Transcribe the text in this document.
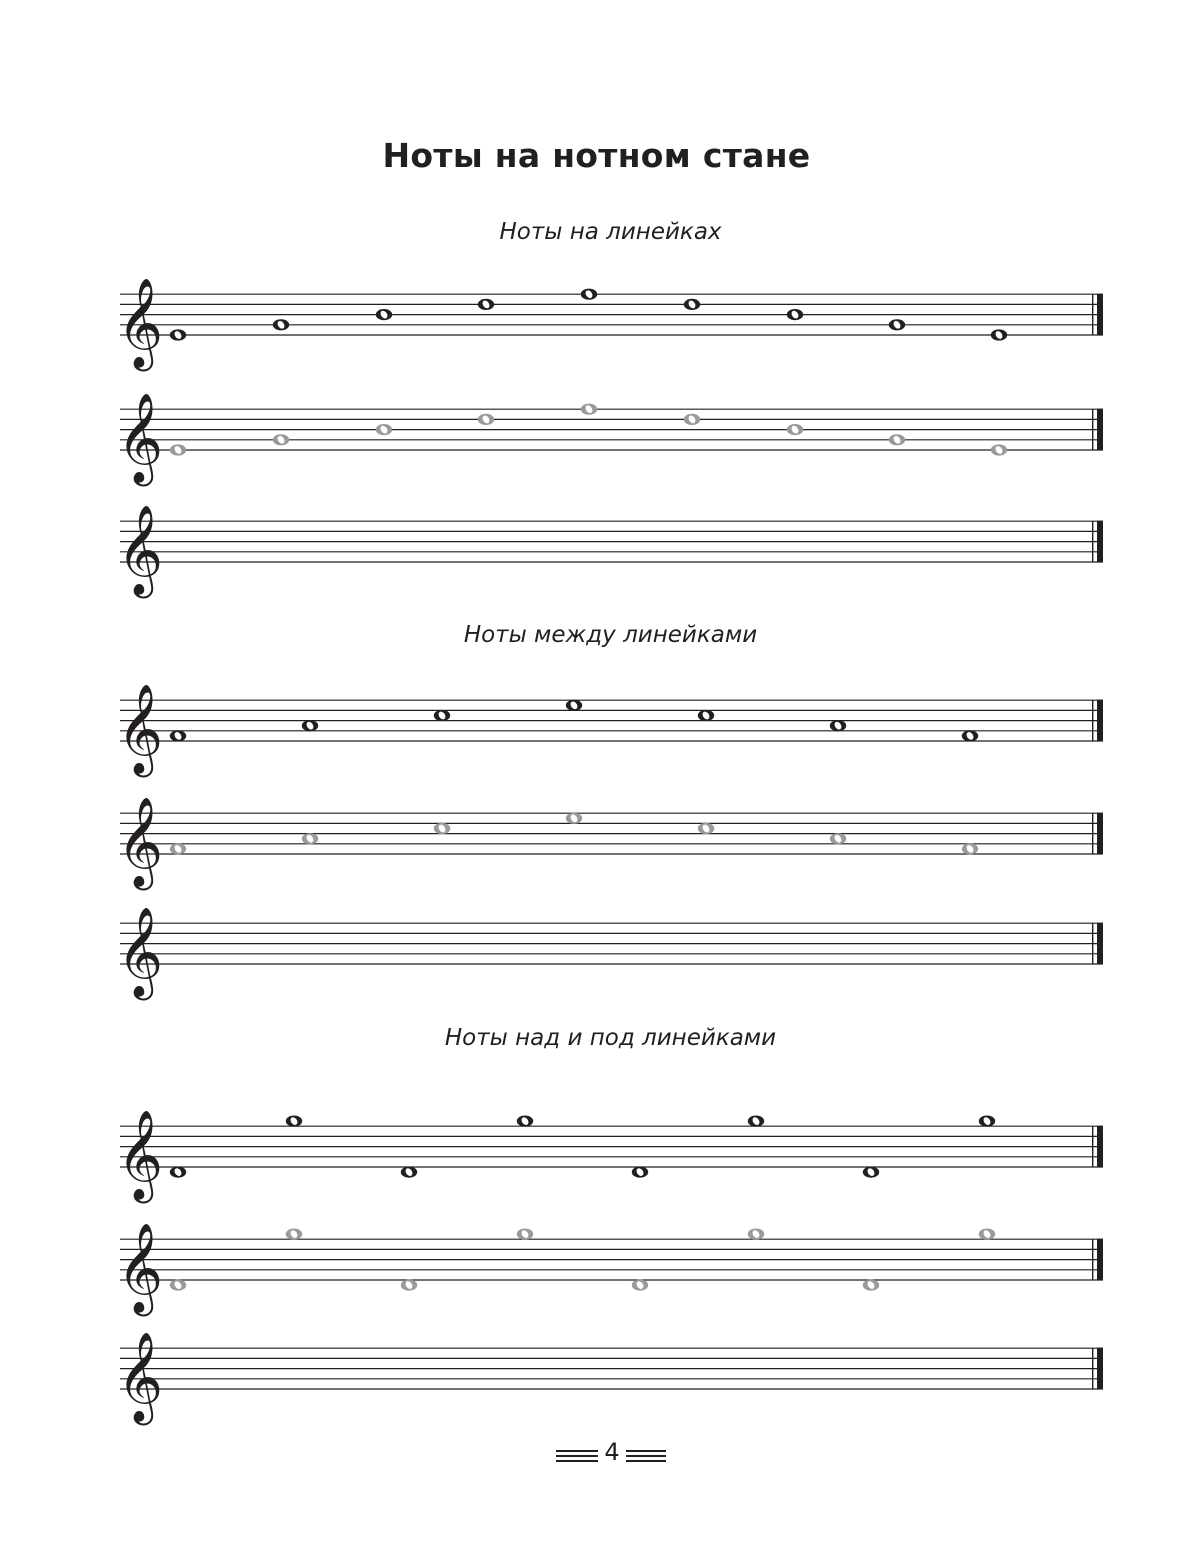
Ноты на нотном стане
Ноты на линейках
Ноты между линейками
Ноты над и под линейками
𝄞
𝄞
𝄞
𝄞
𝄞
𝄞
𝄞
𝄞
𝄞
4
